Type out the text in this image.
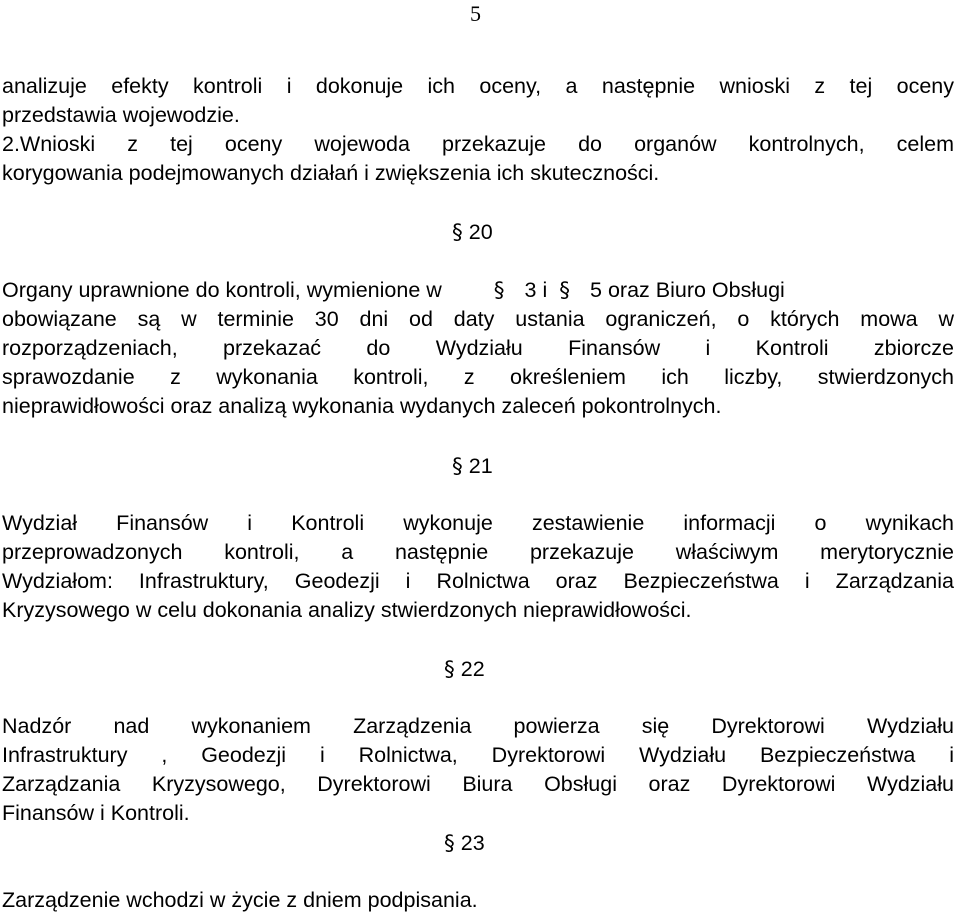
5
analizuje efekty kontroli i dokonuje ich oceny, a następnie wnioski z tej oceny
przedstawia wojewodzie.
2.Wnioski z tej oceny wojewoda przekazuje do organów kontrolnych, celem
korygowania podejmowanych działań i zwiększenia ich skuteczności.
§ 20
Organy uprawnione do kontroli, wymienione w § 3 i § 5 oraz Biuro Obsługi
obowiązane są w terminie 30 dni od daty ustania ograniczeń, o których mowa w
rozporządzeniach, przekazać do Wydziału Finansów i Kontroli zbiorcze
sprawozdanie z wykonania kontroli, z określeniem ich liczby, stwierdzonych
nieprawidłowości oraz analizą wykonania wydanych zaleceń pokontrolnych.
§ 21
Wydział Finansów i Kontroli wykonuje zestawienie informacji o wynikach
przeprowadzonych kontroli, a następnie przekazuje właściwym merytorycznie
Wydziałom: Infrastruktury, Geodezji i Rolnictwa oraz Bezpieczeństwa i Zarządzania
Kryzysowego w celu dokonania analizy stwierdzonych nieprawidłowości.
§ 22
Nadzór nad wykonaniem Zarządzenia powierza się Dyrektorowi Wydziału
Infrastruktury , Geodezji i Rolnictwa, Dyrektorowi Wydziału Bezpieczeństwa i
Zarządzania Kryzysowego, Dyrektorowi Biura Obsługi oraz Dyrektorowi Wydziału
Finansów i Kontroli.
§ 23
Zarządzenie wchodzi w życie z dniem podpisania.
